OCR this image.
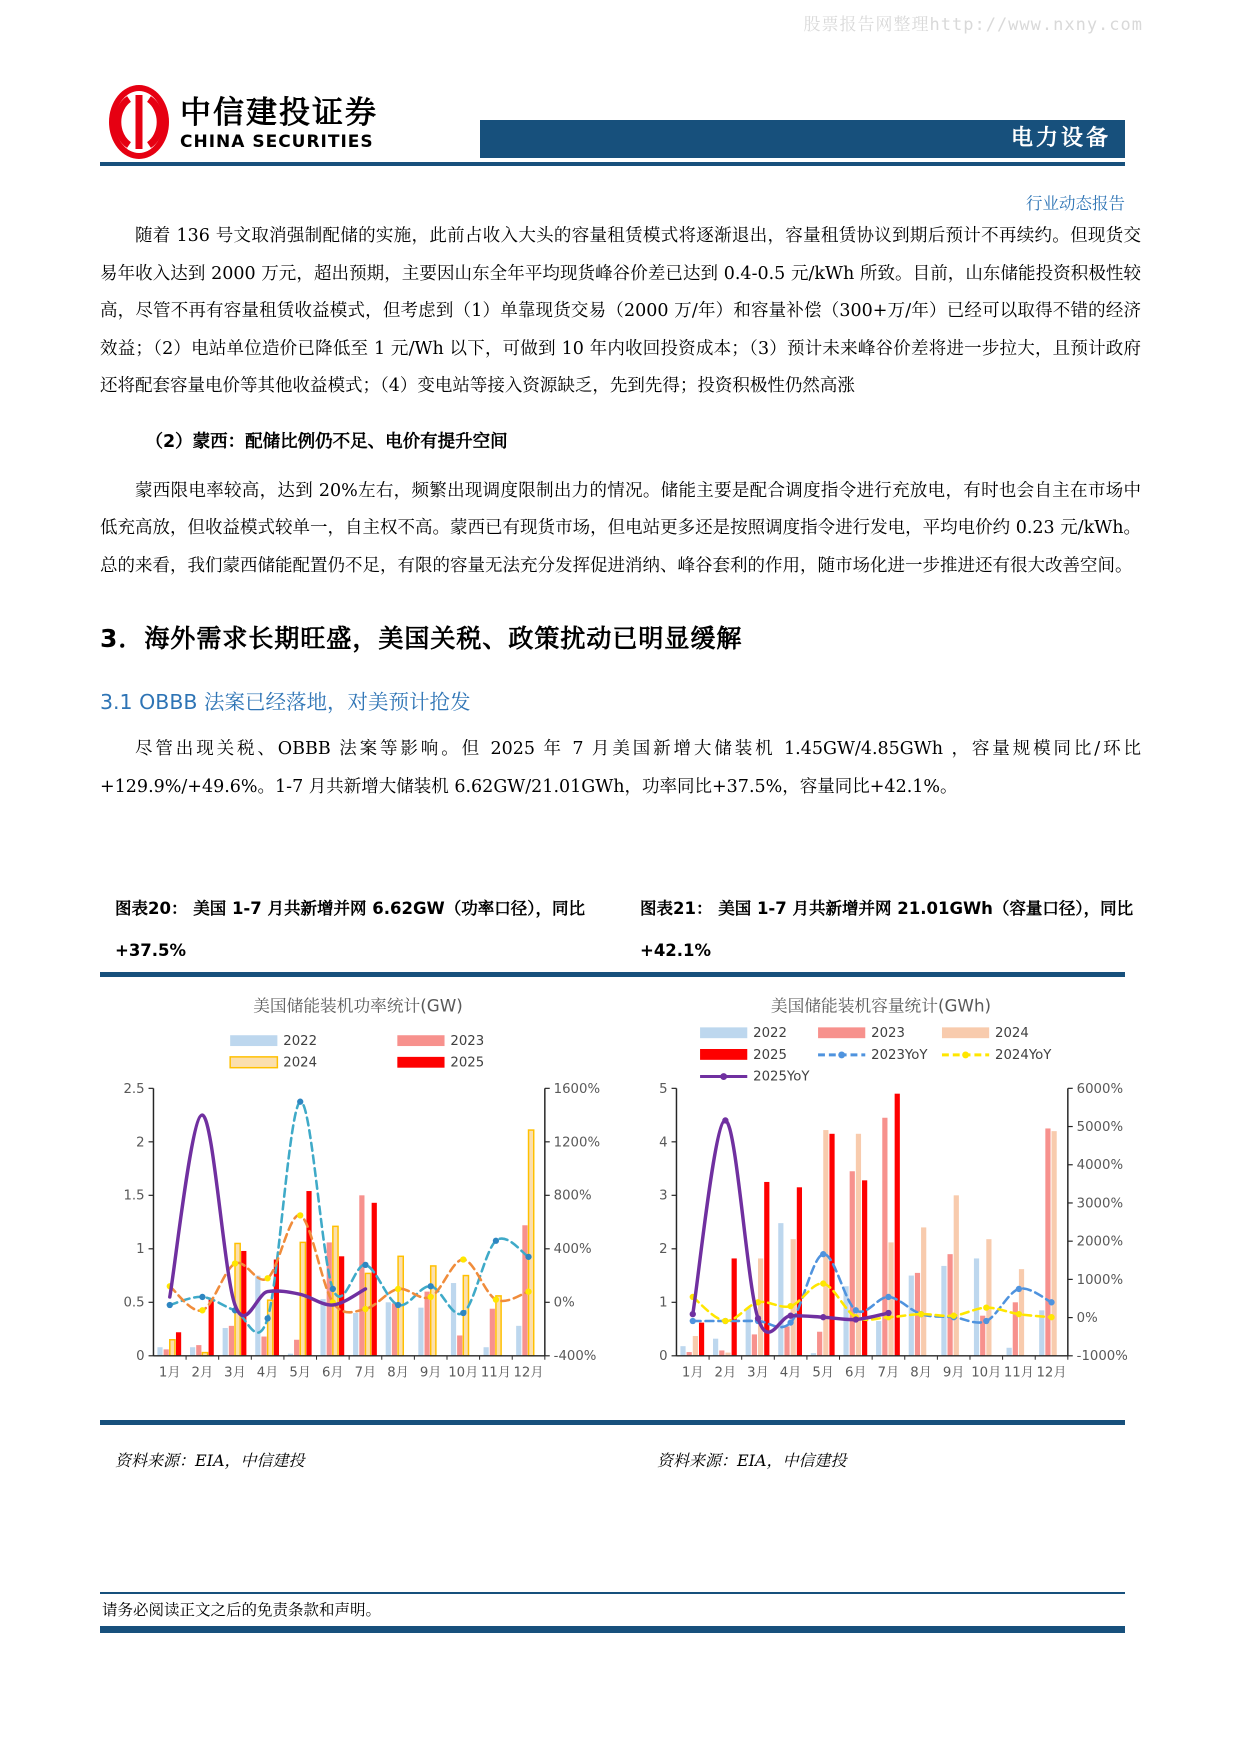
股票报告网整理http://www.nxny.com
中信建投证券
CHINA SECURITIES	电力设备
行业动态报告

随着 136 号文取消强制配储的实施，此前占收入大头的容量租赁模式将逐渐退出，容量租赁协议到期后预计不再续约。但现货交易年收入达到 2000 万元，超出预期，主要因山东全年平均现货峰谷价差已达到 0.4-0.5 元/kWh 所致。目前，山东储能投资积极性较高，尽管不再有容量租赁收益模式，但考虑到（1）单靠现货交易（2000 万/年）和容量补偿（300+万/年）已经可以取得不错的经济效益；（2）电站单位造价已降低至 1 元/Wh 以下，可做到 10 年内收回投资成本；（3）预计未来峰谷价差将进一步拉大，且预计政府还将配套容量电价等其他收益模式；（4）变电站等接入资源缺乏，先到先得；投资积极性仍然高涨

（2）蒙西：配储比例仍不足、电价有提升空间

蒙西限电率较高，达到 20%左右，频繁出现调度限制出力的情况。储能主要是配合调度指令进行充放电，有时也会自主在市场中低充高放，但收益模式较单一，自主权不高。蒙西已有现货市场，但电站更多还是按照调度指令进行发电，平均电价约 0.23 元/kWh。总的来看，我们蒙西储能配置仍不足，有限的容量无法充分发挥促进消纳、峰谷套利的作用，随市场化进一步推进还有很大改善空间。

3．海外需求长期旺盛，美国关税、政策扰动已明显缓解

3.1 OBBB 法案已经落地，对美预计抢发

尽管出现关税、OBBB 法案等影响。但 2025 年 7 月美国新增大储装机 1.45GW/4.85GWh ，容量规模同比/环比+129.9%/+49.6%。1-7 月共新增大储装机 6.62GW/21.01GWh，功率同比+37.5%，容量同比+42.1%。

图表20： 美国 1-7 月共新增并网 6.62GW（功率口径），同比+37.5%
图表21： 美国 1-7 月共新增并网 21.01GWh（容量口径），同比+42.1%
美国储能装机功率统计(GW)
0
0.5
1
1.5
2
2.5
-400%
0%
400%
800%
1200%
1600%
1月 2月 3月 4月 5月 6月 7月 8月 9月 10月 11月 12月
2022	2023
2024	2025
美国储能装机容量统计(GWh)
0
1
2
3
4
5
-1000%
0%
1000%
2000%
3000%
4000%
5000%
6000%
1月 2月 3月 4月 5月 6月 7月 8月 9月 10月 11月 12月
2022	2023	2024
2025	2023YoY	2024YoY
2025YoY
资料来源：EIA，中信建投	资料来源：EIA，中信建投
请务必阅读正文之后的免责条款和声明。
